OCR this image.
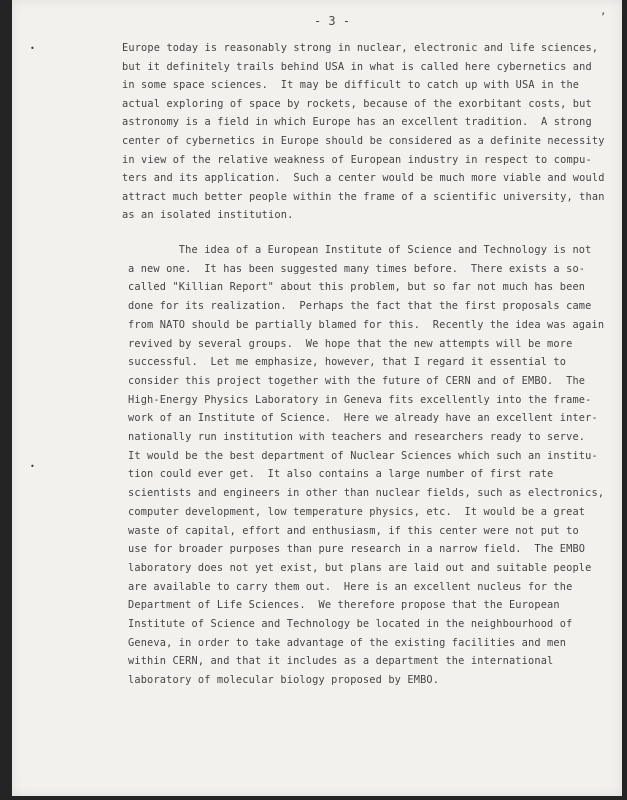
- 3 -	’
•
•
Europe today is reasonably strong in nuclear, electronic and life sciences,
but it definitely trails behind USA in what is called here cybernetics and
in some space sciences.  It may be difficult to catch up with USA in the
actual exploring of space by rockets, because of the exorbitant costs, but
astronomy is a field in which Europe has an excellent tradition.  A strong
center of cybernetics in Europe should be considered as a definite necessity
in view of the relative weakness of European industry in respect to compu-
ters and its application.  Such a center would be much more viable and would
attract much better people within the frame of a scientific university, than
as an isolated institution.
The idea of a European Institute of Science and Technology is not
a new one.  It has been suggested many times before.  There exists a so-
called "Killian Report" about this problem, but so far not much has been
done for its realization.  Perhaps the fact that the first proposals came
from NATO should be partially blamed for this.  Recently the idea was again
revived by several groups.  We hope that the new attempts will be more
successful.  Let me emphasize, however, that I regard it essential to
consider this project together with the future of CERN and of EMBO.  The
High-Energy Physics Laboratory in Geneva fits excellently into the frame-
work of an Institute of Science.  Here we already have an excellent inter-
nationally run institution with teachers and researchers ready to serve.
It would be the best department of Nuclear Sciences which such an institu-
tion could ever get.  It also contains a large number of first rate
scientists and engineers in other than nuclear fields, such as electronics,
computer development, low temperature physics, etc.  It would be a great
waste of capital, effort and enthusiasm, if this center were not put to
use for broader purposes than pure research in a narrow field.  The EMBO
laboratory does not yet exist, but plans are laid out and suitable people
are available to carry them out.  Here is an excellent nucleus for the
Department of Life Sciences.  We therefore propose that the European
Institute of Science and Technology be located in the neighbourhood of
Geneva, in order to take advantage of the existing facilities and men
within CERN, and that it includes as a department the international
laboratory of molecular biology proposed by EMBO.
